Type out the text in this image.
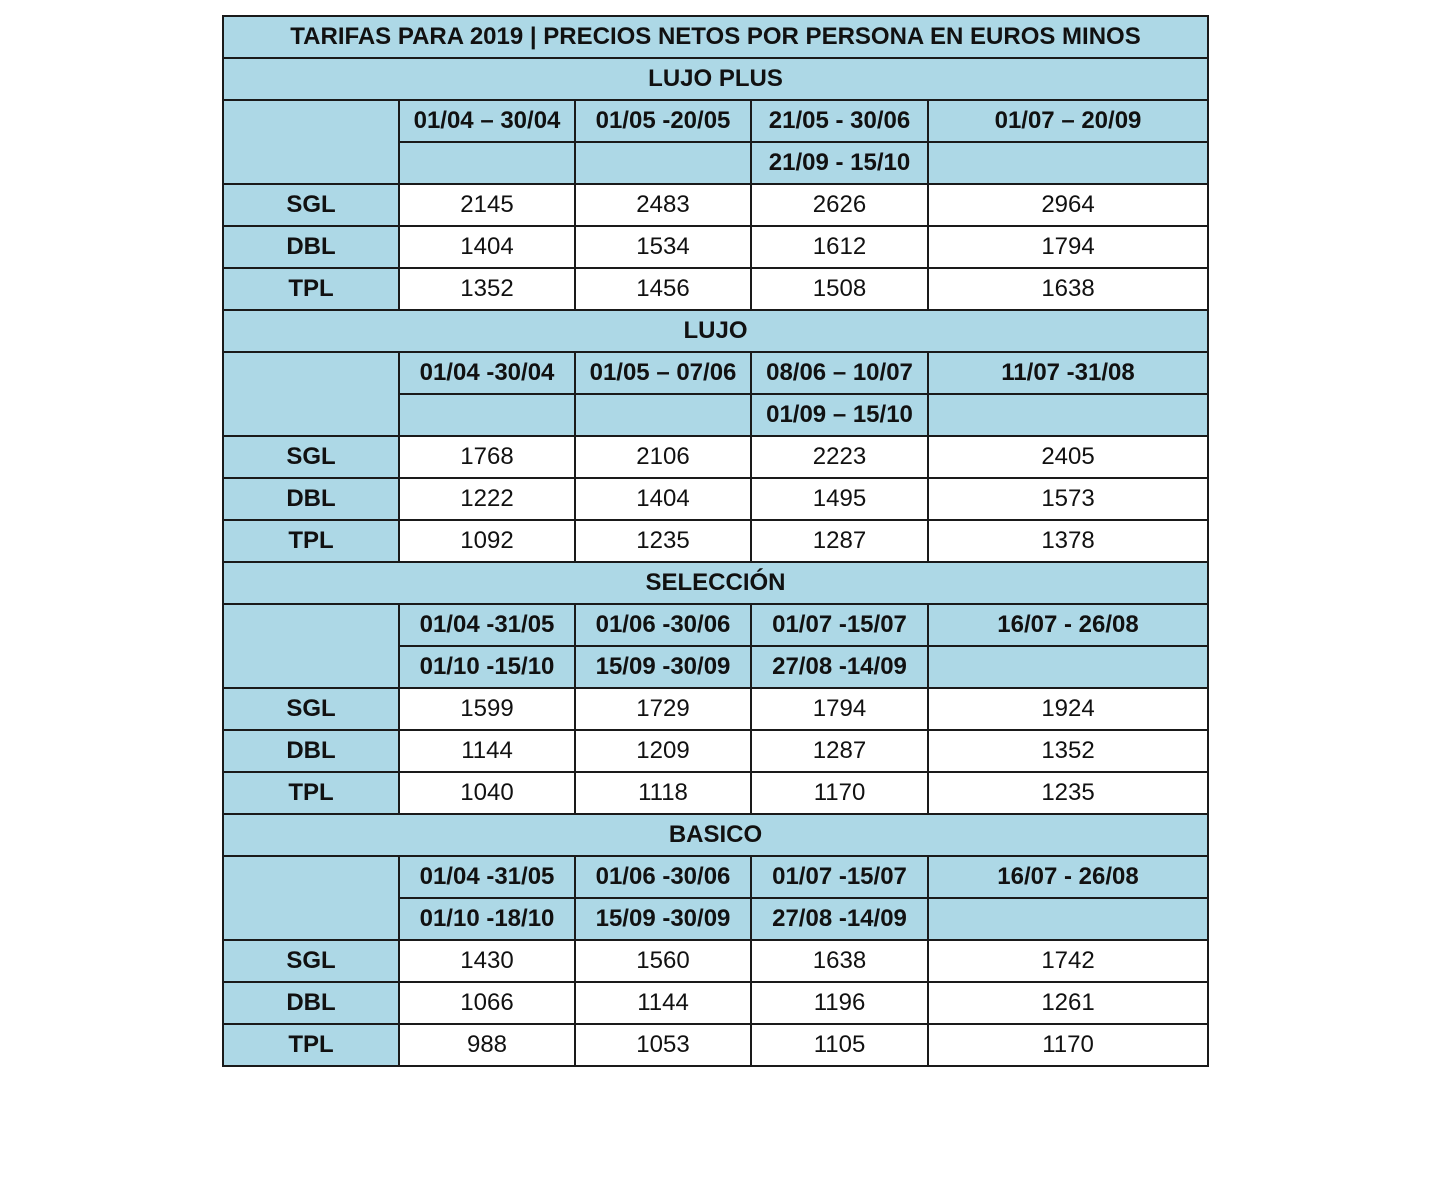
TARIFAS PARA 2019 | PRECIOS NETOS POR PERSONA EN EUROS MINOS				
LUJO PLUS				
	01/04 – 30/04	01/05 -20/05	21/05 - 30/06	01/07 – 20/09
			21/09 - 15/10	
SGL	2145	2483	2626	2964
DBL	1404	1534	1612	1794
TPL	1352	1456	1508	1638
LUJO				
	01/04 -30/04	01/05 – 07/06	08/06 – 10/07	11/07 -31/08
			01/09 – 15/10	
SGL	1768	2106	2223	2405
DBL	1222	1404	1495	1573
TPL	1092	1235	1287	1378
SELECCIÓN				
	01/04 -31/05	01/06 -30/06	01/07 -15/07	16/07 - 26/08
	01/10 -15/10	15/09 -30/09	27/08 -14/09	
SGL	1599	1729	1794	1924
DBL	1144	1209	1287	1352
TPL	1040	1118	1170	1235
BASICO				
	01/04 -31/05	01/06 -30/06	01/07 -15/07	16/07 - 26/08
	01/10 -18/10	15/09 -30/09	27/08 -14/09	
SGL	1430	1560	1638	1742
DBL	1066	1144	1196	1261
TPL	988	1053	1105	1170
